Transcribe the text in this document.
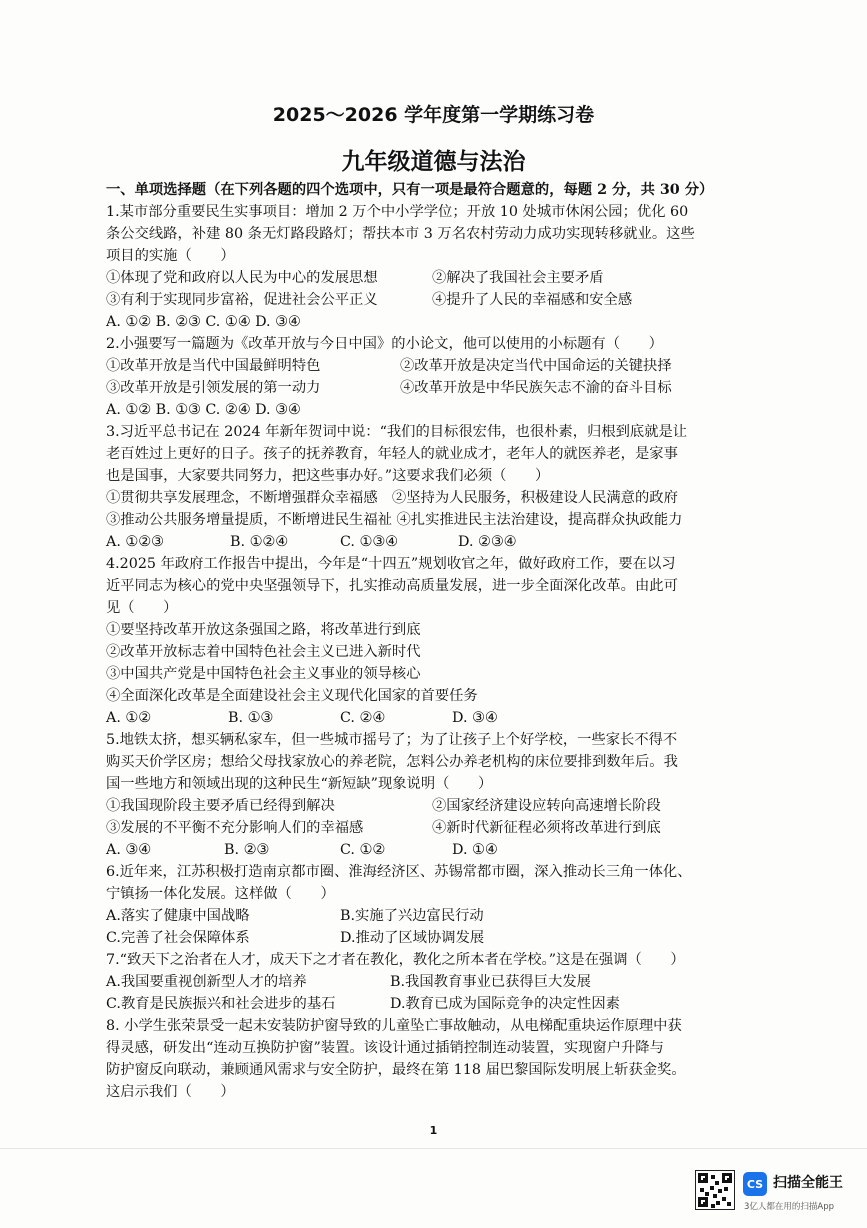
2025～2026 学年度第一学期练习卷
九年级道德与法治
一、单项选择题（在下列各题的四个选项中，只有一项是最符合题意的，每题 2 分，共 30 分）
1.某市部分重要民生实事项目：增加 2 万个中小学学位；开放 10 处城市休闲公园；优化 60
条公交线路，补建 80 条无灯路段路灯；帮扶本市 3 万名农村劳动力成功实现转移就业。这些
项目的实施（　　）
①体现了党和政府以人民为中心的发展思想	②解决了我国社会主要矛盾
③有利于实现同步富裕，促进社会公平正义	④提升了人民的幸福感和安全感
A. ①② B. ②③ C. ①④ D. ③④
2.小强要写一篇题为《改革开放与今日中国》的小论文，他可以使用的小标题有（　　）
①改革开放是当代中国最鲜明特色	②改革开放是决定当代中国命运的关键抉择
③改革开放是引领发展的第一动力	④改革开放是中华民族矢志不渝的奋斗目标
A. ①② B. ①③ C. ②④ D. ③④
3.习近平总书记在 2024 年新年贺词中说：“我们的目标很宏伟，也很朴素，归根到底就是让
老百姓过上更好的日子。孩子的抚养教育，年轻人的就业成才，老年人的就医养老，是家事
也是国事，大家要共同努力，把这些事办好。”这要求我们必须（　　）
①贯彻共享发展理念，不断增强群众幸福感　②坚持为人民服务，积极建设人民满意的政府
③推动公共服务增量提质，不断增进民生福祉 ④扎实推进民主法治建设，提高群众执政能力
A. ①②③	B. ①②④	C. ①③④	D. ②③④
4.2025 年政府工作报告中提出，今年是“十四五”规划收官之年，做好政府工作，要在以习
近平同志为核心的党中央坚强领导下，扎实推动高质量发展，进一步全面深化改革。由此可
见（　　）
①要坚持改革开放这条强国之路，将改革进行到底
②改革开放标志着中国特色社会主义已进入新时代
③中国共产党是中国特色社会主义事业的领导核心
④全面深化改革是全面建设社会主义现代化国家的首要任务
A. ①②	B. ①③	C. ②④	D. ③④
5.地铁太挤，想买辆私家车，但一些城市摇号了；为了让孩子上个好学校，一些家长不得不
购买天价学区房；想给父母找家放心的养老院，怎料公办养老机构的床位要排到数年后。我
国一些地方和领域出现的这种民生“新短缺”现象说明（　　）
①我国现阶段主要矛盾已经得到解决	②国家经济建设应转向高速增长阶段
③发展的不平衡不充分影响人们的幸福感	④新时代新征程必须将改革进行到底
A. ③④	B. ②③	C. ①②	D. ①④
6.近年来，江苏积极打造南京都市圈、淮海经济区、苏锡常都市圈，深入推动长三角一体化、
宁镇扬一体化发展。这样做（　　）
A.落实了健康中国战略	B.实施了兴边富民行动
C.完善了社会保障体系	D.推动了区域协调发展
7.“致天下之治者在人才，成天下之才者在教化，教化之所本者在学校。”这是在强调（　　）
A.我国要重视创新型人才的培养	B.我国教育事业已获得巨大发展
C.教育是民族振兴和社会进步的基石	D.教育已成为国际竞争的决定性因素
8. 小学生张荣景受一起未安装防护窗导致的儿童坠亡事故触动，从电梯配重块运作原理中获
得灵感，研发出“连动互换防护窗”装置。该设计通过插销控制连动装置，实现窗户升降与
防护窗反向联动，兼顾通风需求与安全防护，最终在第 118 届巴黎国际发明展上斩获金奖。
这启示我们（　　）
1
CS 扫描全能王
3亿人都在用的扫描App
